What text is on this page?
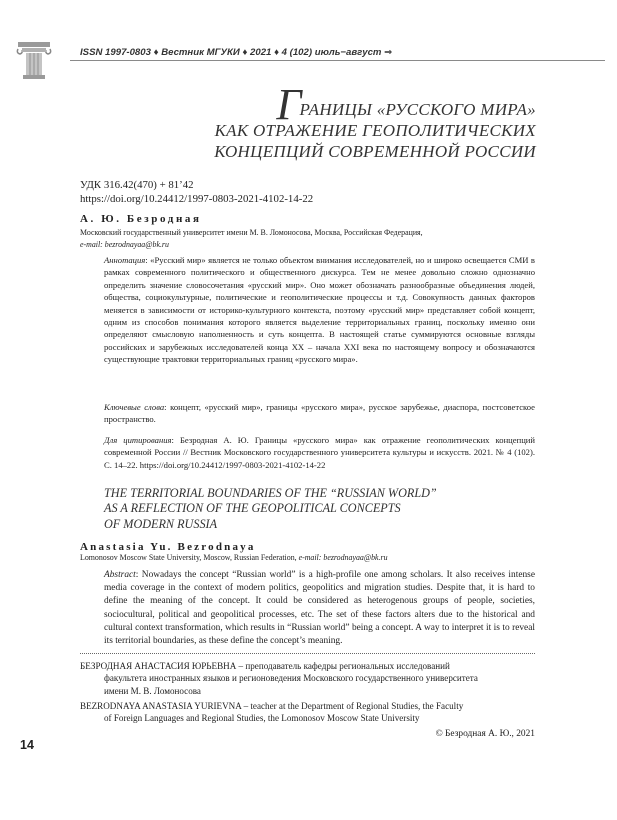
ISSN 1997-0803 ♦ Вестник МГУКИ ♦ 2021 ♦ 4 (102) июль−август ⇒
ГРАНИЦЫ «РУССКОГО МИРА»
КАК ОТРАЖЕНИЕ ГЕОПОЛИТИЧЕСКИХ
КОНЦЕПЦИЙ СОВРЕМЕННОЙ РОССИИ
УДК 316.42(470) + 81’42
https://doi.org/10.24412/1997-0803-2021-4102-14-22
А. Ю. Безродная
Московский государственный университет имени М. В. Ломоносова, Москва, Российская Федерация,
e-mail: bezrodnayaa@bk.ru
Аннотация: «Русский мир» является не только объектом внимания исследователей, но и широко освещается СМИ в рамках современного политического и общественного дискурса. Тем не менее довольно сложно однозначно определить значение словосочетания «русский мир». Оно может обозначать разнообразные объединения людей, общества, социокультурные, политические и геополитические процессы и т.д. Совокупность данных факторов меняется в зависимости от историко-культурного контекста, поэтому «русский мир» представляет собой концепт, одним из способов понимания которого является выделение территориальных границ, поскольку именно они определяют смысловую наполненность и суть концепта. В настоящей статье суммируются основные взгляды российских и зарубежных исследователей конца XX – начала XXI века по настоящему вопросу и обозначаются существующие трактовки территориальных границ «русского мира».
Ключевые слова: концепт, «русский мир», границы «русского мира», русское зарубежье, диаспора, постсоветское пространство.
Для цитирования: Безродная А. Ю. Границы «русского мира» как отражение геополитических концепций современной России // Вестник Московского государственного университета культуры и искусств. 2021. № 4 (102). С. 14–22. https://doi.org/10.24412/1997-0803-2021-4102-14-22
THE TERRITORIAL BOUNDARIES OF THE “RUSSIAN WORLD”
AS A REFLECTION OF THE GEOPOLITICAL CONCEPTS
OF MODERN RUSSIA
Anastasia Yu. Bezrodnaya
Lomonosov Moscow State University, Moscow, Russian Federation, e-mail: bezrodnayaa@bk.ru
Abstract: Nowadays the concept “Russian world” is a high-profile one among scholars. It also receives intense media coverage in the context of modern politics, geopolitics and migration studies. Despite that, it is hard to define the meaning of the concept. It could be considered as heterogenous groups of people, societies, sociocultural, political and geopolitical processes, etc. The set of these factors alters due to the historical and cultural context transformation, which results in “Russian world” being a concept. A way to interpret it is to reveal its territorial boundaries, as these define the concept’s meaning.
БЕЗРОДНАЯ АНАСТАСИЯ ЮРЬЕВНА – преподаватель кафедры региональных исследований
факультета иностранных языков и регионоведения Московского государственного университета
имени М. В. Ломоносова
BEZRODNAYA ANASTASIA YURIEVNA – teacher at the Department of Regional Studies, the Faculty
of Foreign Languages and Regional Studies, the Lomonosov Moscow State University
© Безродная А. Ю., 2021
14
